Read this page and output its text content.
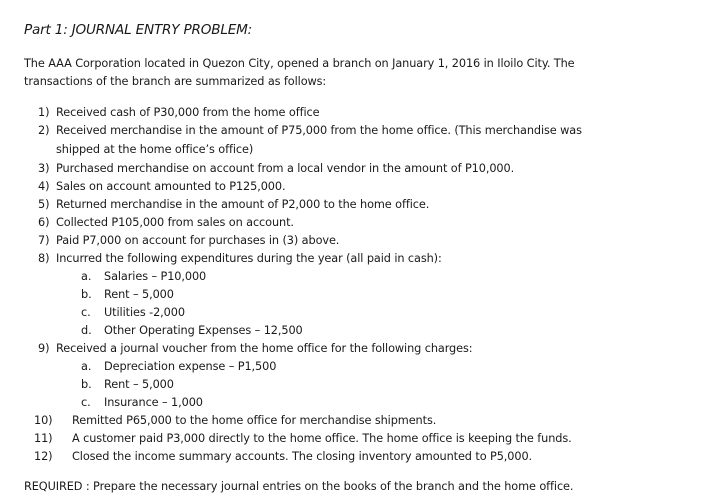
Part 1: JOURNAL ENTRY PROBLEM:
The AAA Corporation located in Quezon City, opened a branch on January 1, 2016 in Iloilo City. The
transactions of the branch are summarized as follows:
1) Received cash of P30,000 from the home office
2) Received merchandise in the amount of P75,000 from the home office. (This merchandise was
shipped at the home office’s office)
3) Purchased merchandise on account from a local vendor in the amount of P10,000.
4) Sales on account amounted to P125,000.
5) Returned merchandise in the amount of P2,000 to the home office.
6) Collected P105,000 from sales on account.
7) Paid P7,000 on account for purchases in (3) above.
8) Incurred the following expenditures during the year (all paid in cash):
a. Salaries – P10,000
b. Rent – 5,000
c. Utilities -2,000
d. Other Operating Expenses – 12,500
9) Received a journal voucher from the home office for the following charges:
a. Depreciation expense – P1,500
b. Rent – 5,000
c. Insurance – 1,000
10) Remitted P65,000 to the home office for merchandise shipments.
11) A customer paid P3,000 directly to the home office. The home office is keeping the funds.
12) Closed the income summary accounts. The closing inventory amounted to P5,000.
REQUIRED : Prepare the necessary journal entries on the books of the branch and the home office.
